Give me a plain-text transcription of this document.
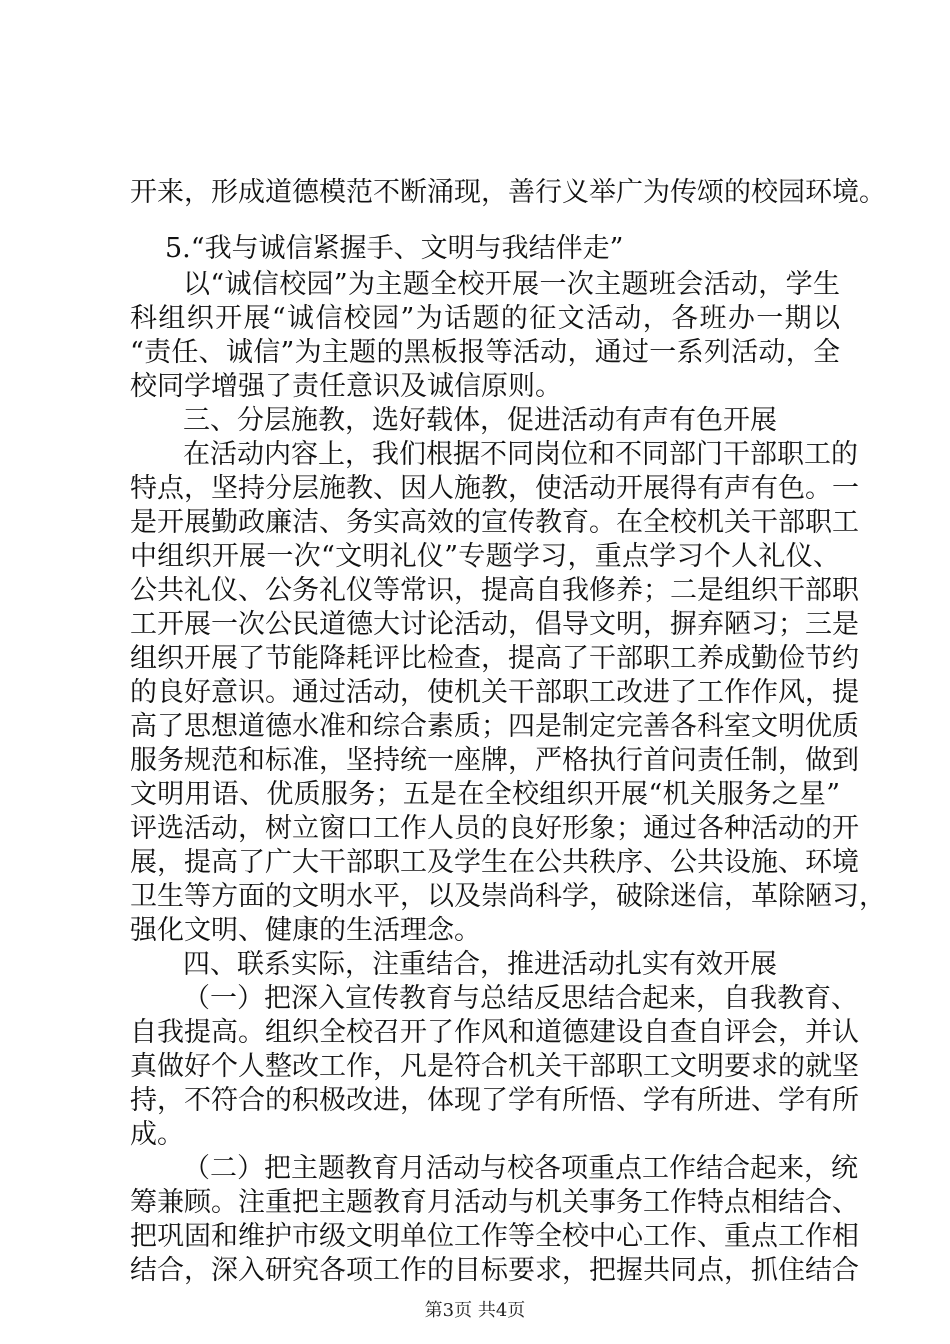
开来，形成道德模范不断涌现，善行义举广为传颂的校园环境。
5.“我与诚信紧握手、文明与我结伴走”
以“诚信校园”为主题全校开展一次主题班会活动，学生
科组织开展“诚信校园”为话题的征文活动，各班办一期以
“责任、诚信”为主题的黑板报等活动，通过一系列活动，全
校同学增强了责任意识及诚信原则。
三、分层施教，选好载体，促进活动有声有色开展
在活动内容上，我们根据不同岗位和不同部门干部职工的
特点，坚持分层施教、因人施教，使活动开展得有声有色。一
是开展勤政廉洁、务实高效的宣传教育。在全校机关干部职工
中组织开展一次“文明礼仪”专题学习，重点学习个人礼仪、
公共礼仪、公务礼仪等常识，提高自我修养；二是组织干部职
工开展一次公民道德大讨论活动，倡导文明，摒弃陋习；三是
组织开展了节能降耗评比检查，提高了干部职工养成勤俭节约
的良好意识。通过活动，使机关干部职工改进了工作作风，提
高了思想道德水准和综合素质；四是制定完善各科室文明优质
服务规范和标准，坚持统一座牌，严格执行首问责任制，做到
文明用语、优质服务；五是在全校组织开展“机关服务之星”
评选活动，树立窗口工作人员的良好形象；通过各种活动的开
展，提高了广大干部职工及学生在公共秩序、公共设施、环境
卫生等方面的文明水平，以及崇尚科学，破除迷信，革除陋习，
强化文明、健康的生活理念。
四、联系实际，注重结合，推进活动扎实有效开展
（一）把深入宣传教育与总结反思结合起来，自我教育、
自我提高。组织全校召开了作风和道德建设自查自评会，并认
真做好个人整改工作，凡是符合机关干部职工文明要求的就坚
持，不符合的积极改进，体现了学有所悟、学有所进、学有所
成。
（二）把主题教育月活动与校各项重点工作结合起来，统
筹兼顾。注重把主题教育月活动与机关事务工作特点相结合、
把巩固和维护市级文明单位工作等全校中心工作、重点工作相
结合，深入研究各项工作的目标要求，把握共同点，抓住结合
第3页 共4页
